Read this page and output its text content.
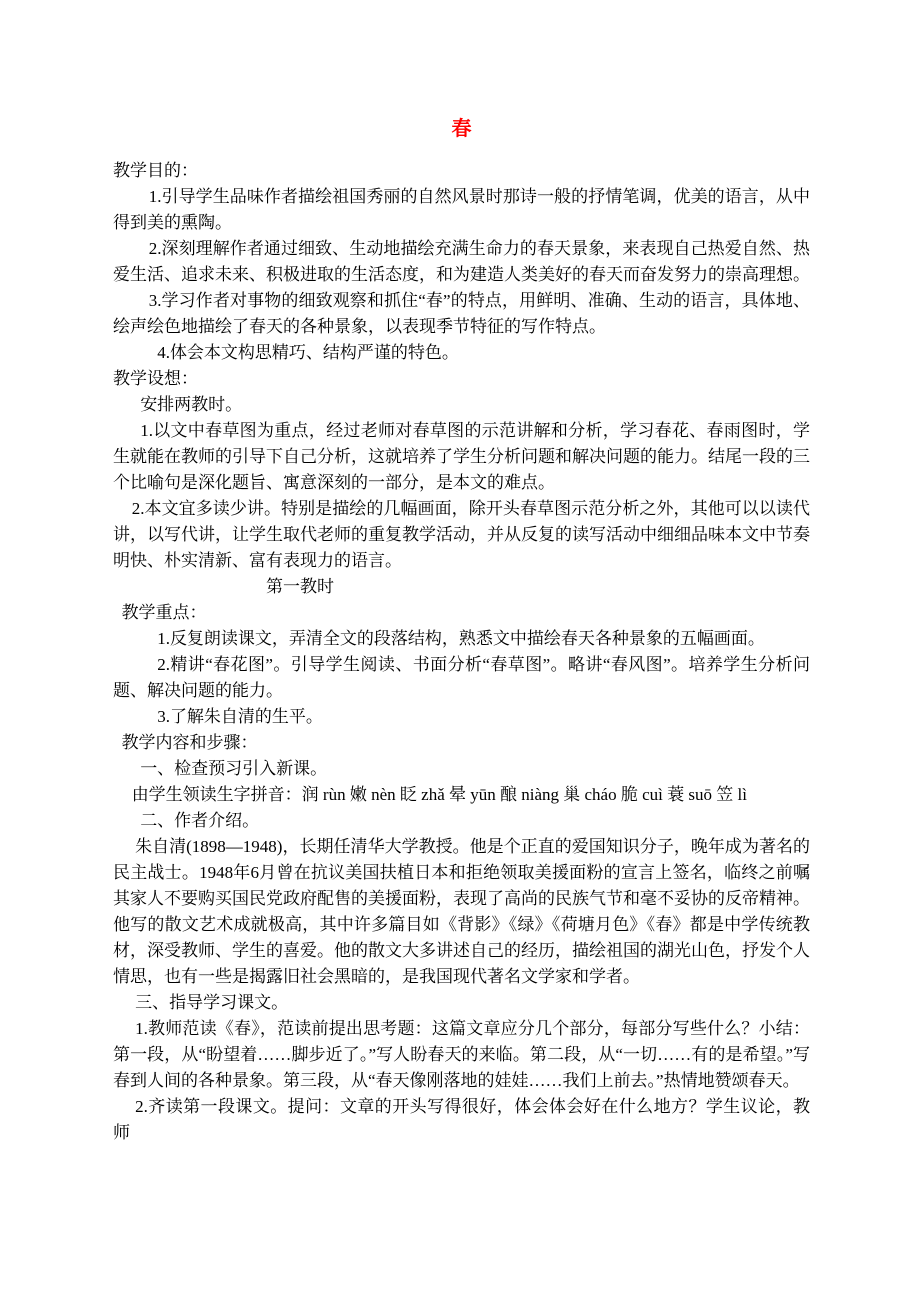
春

教学目的：

1.引导学生品味作者描绘祖国秀丽的自然风景时那诗一般的抒情笔调，优美的语言，从中得到美的熏陶。

2.深刻理解作者通过细致、生动地描绘充满生命力的春天景象，来表现自己热爱自然、热爱生活、追求未来、积极进取的生活态度，和为建造人类美好的春天而奋发努力的崇高理想。

3.学习作者对事物的细致观察和抓住“春”的特点，用鲜明、准确、生动的语言，具体地、绘声绘色地描绘了春天的各种景象，以表现季节特征的写作特点。

4.体会本文构思精巧、结构严谨的特色。

教学设想：

安排两教时。

1.以文中春草图为重点，经过老师对春草图的示范讲解和分析，学习春花、春雨图时，学生就能在教师的引导下自己分析，这就培养了学生分析问题和解决问题的能力。结尾一段的三个比喻句是深化题旨、寓意深刻的一部分，是本文的难点。

2.本文宜多读少讲。特别是描绘的几幅画面，除开头春草图示范分析之外，其他可以以读代讲，以写代讲，让学生取代老师的重复教学活动，并从反复的读写活动中细细品味本文中节奏明快、朴实清新、富有表现力的语言。

第一教时

教学重点：

1.反复朗读课文，弄清全文的段落结构，熟悉文中描绘春天各种景象的五幅画面。

2.精讲“春花图”。引导学生阅读、书面分析“春草图”。略讲“春风图”。培养学生分析问题、解决问题的能力。

3.了解朱自清的生平。

教学内容和步骤：

一、检查预习引入新课。

由学生领读生字拼音：润 rùn 嫩 nèn 眨 zhǎ 晕 yūn 酿 niàng 巢 cháo 脆 cuì 蓑 suō 笠 lì

二、作者介绍。

朱自清(1898—1948)，长期任清华大学教授。他是个正直的爱国知识分子，晚年成为著名的民主战士。1948年6月曾在抗议美国扶植日本和拒绝领取美援面粉的宣言上签名，临终之前嘱其家人不要购买国民党政府配售的美援面粉，表现了高尚的民族气节和毫不妥协的反帝精神。他写的散文艺术成就极高，其中许多篇目如《背影》《绿》《荷塘月色》《春》都是中学传统教材，深受教师、学生的喜爱。他的散文大多讲述自己的经历，描绘祖国的湖光山色，抒发个人情思，也有一些是揭露旧社会黑暗的，是我国现代著名文学家和学者。

三、指导学习课文。

1.教师范读《春》，范读前提出思考题：这篇文章应分几个部分，每部分写些什么？小结：第一段，从“盼望着……脚步近了。”写人盼春天的来临。第二段，从“一切……有的是希望。”写春到人间的各种景象。第三段，从“春天像刚落地的娃娃……我们上前去。”热情地赞颂春天。

2.齐读第一段课文。提问：文章的开头写得很好，体会体会好在什么地方？学生议论，教师
